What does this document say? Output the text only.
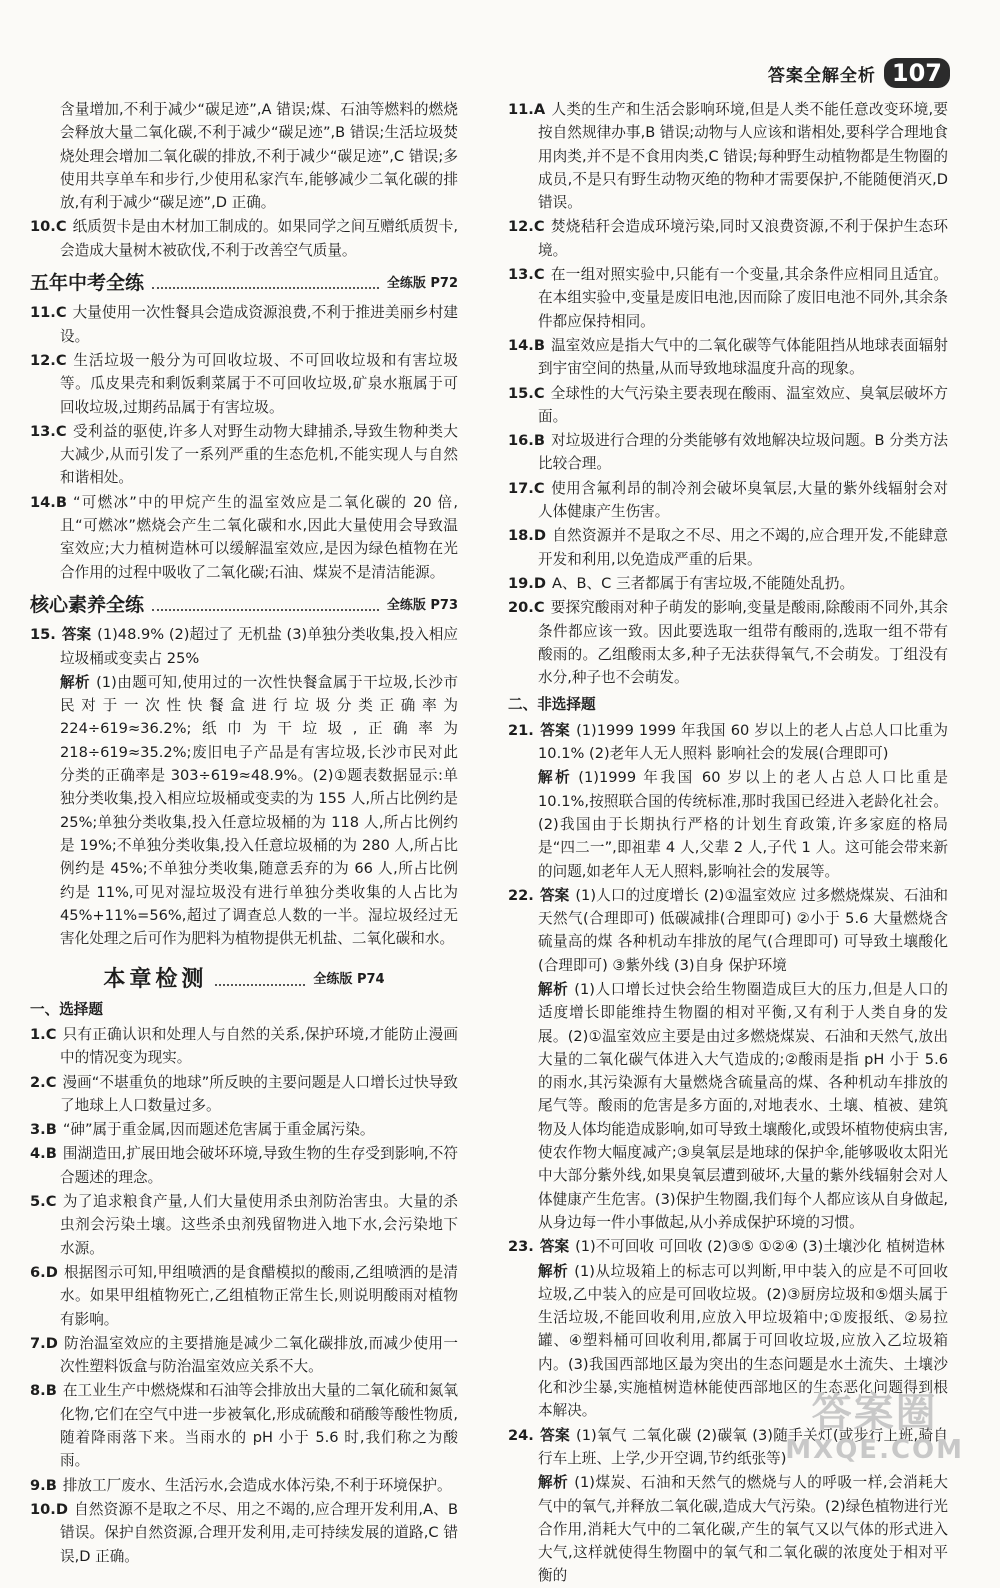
答案全解全析 107

含量增加,不利于减少“碳足迹”,A 错误;煤、石油等燃料的燃烧会释放大量二氧化碳,不利于减少“碳足迹”,B 错误;生活垃圾焚烧处理会增加二氧化碳的排放,不利于减少“碳足迹”,C 错误;多使用共享单车和步行,少使用私家汽车,能够减少二氧化碳的排放,有利于减少“碳足迹”,D 正确。

10.C 纸质贺卡是由木材加工制成的。如果同学之间互赠纸质贺卡,会造成大量树木被砍伐,不利于改善空气质量。

五年中考全练	全练版 P72

11.C 大量使用一次性餐具会造成资源浪费,不利于推进美丽乡村建设。

12.C 生活垃圾一般分为可回收垃圾、不可回收垃圾和有害垃圾等。瓜皮果壳和剩饭剩菜属于不可回收垃圾,矿泉水瓶属于可回收垃圾,过期药品属于有害垃圾。

13.C 受利益的驱使,许多人对野生动物大肆捕杀,导致生物种类大大减少,从而引发了一系列严重的生态危机,不能实现人与自然和谐相处。

14.B “可燃冰”中的甲烷产生的温室效应是二氧化碳的 20 倍,且“可燃冰”燃烧会产生二氧化碳和水,因此大量使用会导致温室效应;大力植树造林可以缓解温室效应,是因为绿色植物在光合作用的过程中吸收了二氧化碳;石油、煤炭不是清洁能源。

核心素养全练	全练版 P73

15. 答案 (1)48.9% (2)超过了 无机盐 (3)单独分类收集,投入相应垃圾桶或变卖占 25%

解析 (1)由题可知,使用过的一次性快餐盒属于干垃圾,长沙市民对于一次性快餐盒进行垃圾分类正确率为 224÷619≈36.2%;纸巾为干垃圾,正确率为 218÷619≈35.2%;废旧电子产品是有害垃圾,长沙市民对此分类的正确率是 303÷619≈48.9%。(2)①题表数据显示:单独分类收集,投入相应垃圾桶或变卖的为 155 人,所占比例约是 25%;单独分类收集,投入任意垃圾桶的为 118 人,所占比例约是 19%;不单独分类收集,投入任意垃圾桶的为 280 人,所占比例约是 45%;不单独分类收集,随意丢弃的为 66 人,所占比例约是 11%,可见对湿垃圾没有进行单独分类收集的人占比为 45%+11%=56%,超过了调查总人数的一半。湿垃圾经过无害化处理之后可作为肥料为植物提供无机盐、二氧化碳和水。

本章检测	全练版 P74
一、选择题

1.C 只有正确认识和处理人与自然的关系,保护环境,才能防止漫画中的情况变为现实。

2.C 漫画“不堪重负的地球”所反映的主要问题是人口增长过快导致了地球上人口数量过多。

3.B “砷”属于重金属,因而题述危害属于重金属污染。

4.B 围湖造田,扩展田地会破坏环境,导致生物的生存受到影响,不符合题述的理念。

5.C 为了追求粮食产量,人们大量使用杀虫剂防治害虫。大量的杀虫剂会污染土壤。这些杀虫剂残留物进入地下水,会污染地下水源。

6.D 根据图示可知,甲组喷洒的是食醋模拟的酸雨,乙组喷洒的是清水。如果甲组植物死亡,乙组植物正常生长,则说明酸雨对植物有影响。

7.D 防治温室效应的主要措施是减少二氧化碳排放,而减少使用一次性塑料饭盒与防治温室效应关系不大。

8.B 在工业生产中燃烧煤和石油等会排放出大量的二氧化硫和氮氧化物,它们在空气中进一步被氧化,形成硫酸和硝酸等酸性物质,随着降雨落下来。当雨水的 pH 小于 5.6 时,我们称之为酸雨。

9.B 排放工厂废水、生活污水,会造成水体污染,不利于环境保护。

10.D 自然资源不是取之不尽、用之不竭的,应合理开发利用,A、B 错误。保护自然资源,合理开发利用,走可持续发展的道路,C 错误,D 正确。

11.A 人类的生产和生活会影响环境,但是人类不能任意改变环境,要按自然规律办事,B 错误;动物与人应该和谐相处,要科学合理地食用肉类,并不是不食用肉类,C 错误;每种野生动植物都是生物圈的成员,不是只有野生动物灭绝的物种才需要保护,不能随便消灭,D 错误。

12.C 焚烧秸秆会造成环境污染,同时又浪费资源,不利于保护生态环境。

13.C 在一组对照实验中,只能有一个变量,其余条件应相同且适宜。在本组实验中,变量是废旧电池,因而除了废旧电池不同外,其余条件都应保持相同。

14.B 温室效应是指大气中的二氧化碳等气体能阻挡从地球表面辐射到宇宙空间的热量,从而导致地球温度升高的现象。

15.C 全球性的大气污染主要表现在酸雨、温室效应、臭氧层破坏方面。

16.B 对垃圾进行合理的分类能够有效地解决垃圾问题。B 分类方法比较合理。

17.C 使用含氟利昂的制冷剂会破坏臭氧层,大量的紫外线辐射会对人体健康产生伤害。

18.D 自然资源并不是取之不尽、用之不竭的,应合理开发,不能肆意开发和利用,以免造成严重的后果。

19.D A、B、C 三者都属于有害垃圾,不能随处乱扔。

20.C 要探究酸雨对种子萌发的影响,变量是酸雨,除酸雨不同外,其余条件都应该一致。因此要选取一组带有酸雨的,选取一组不带有酸雨的。乙组酸雨太多,种子无法获得氧气,不会萌发。丁组没有水分,种子也不会萌发。

二、非选择题

21. 答案 (1)1999 1999 年我国 60 岁以上的老人占总人口比重为 10.1% (2)老年人无人照料 影响社会的发展(合理即可)

解析 (1)1999 年我国 60 岁以上的老人占总人口比重是 10.1%,按照联合国的传统标准,那时我国已经进入老龄化社会。(2)我国由于长期执行严格的计划生育政策,许多家庭的格局是“四二一”,即祖辈 4 人,父辈 2 人,子代 1 人。这可能会带来新的问题,如老年人无人照料,影响社会的发展等。

22. 答案 (1)人口的过度增长 (2)①温室效应 过多燃烧煤炭、石油和天然气(合理即可) 低碳减排(合理即可) ②小于 5.6 大量燃烧含硫量高的煤 各种机动车排放的尾气(合理即可) 可导致土壤酸化(合理即可) ③紫外线 (3)自身 保护环境

解析 (1)人口增长过快会给生物圈造成巨大的压力,但是人口的适度增长即能维持生物圈的相对平衡,又有利于人类自身的发展。(2)①温室效应主要是由过多燃烧煤炭、石油和天然气,放出大量的二氧化碳气体进入大气造成的;②酸雨是指 pH 小于 5.6 的雨水,其污染源有大量燃烧含硫量高的煤、各种机动车排放的尾气等。酸雨的危害是多方面的,对地表水、土壤、植被、建筑物及人体均能造成影响,如可导致土壤酸化,或毁坏植物使病虫害,使农作物大幅度减产;③臭氧层是地球的保护伞,能够吸收太阳光中大部分紫外线,如果臭氧层遭到破坏,大量的紫外线辐射会对人体健康产生危害。(3)保护生物圈,我们每个人都应该从自身做起,从身边每一件小事做起,从小养成保护环境的习惯。

23. 答案 (1)不可回收 可回收 (2)③⑤ ①②④ (3)土壤沙化 植树造林

解析 (1)从垃圾箱上的标志可以判断,甲中装入的应是不可回收垃圾,乙中装入的应是可回收垃圾。(2)③厨房垃圾和⑤烟头属于生活垃圾,不能回收利用,应放入甲垃圾箱中;①废报纸、②易拉罐、④塑料桶可回收利用,都属于可回收垃圾,应放入乙垃圾箱内。(3)我国西部地区最为突出的生态问题是水土流失、土壤沙化和沙尘暴,实施植树造林能使西部地区的生态恶化问题得到根本解决。

24. 答案 (1)氧气 二氧化碳 (2)碳氧 (3)随手关灯(或步行上班,骑自行车上班、上学,少开空调,节约纸张等)

解析 (1)煤炭、石油和天然气的燃烧与人的呼吸一样,会消耗大气中的氧气,并释放二氧化碳,造成大气污染。(2)绿色植物进行光合作用,消耗大气中的二氧化碳,产生的氧气又以气体的形式进入大气,这样就使得生物圈中的氧气和二氧化碳的浓度处于相对平衡的

答案圈
MXQE.COM
